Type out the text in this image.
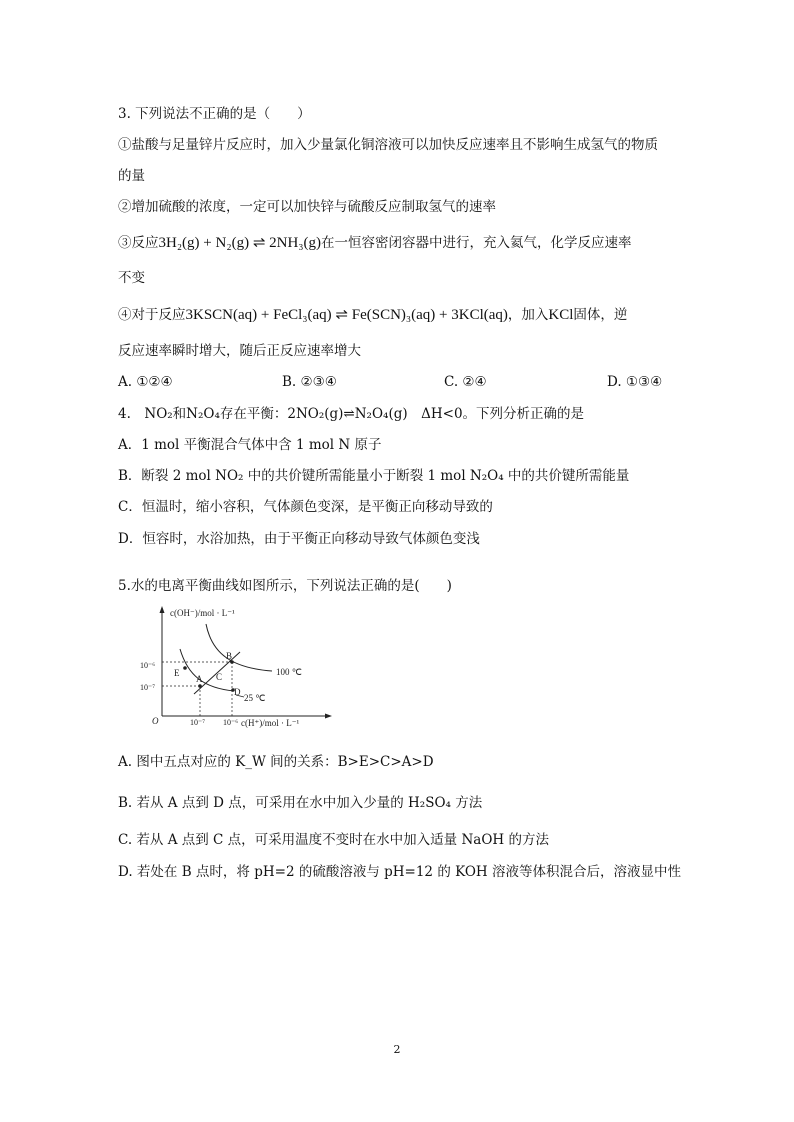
3. 下列说法不正确的是（　　）
①盐酸与足量锌片反应时，加入少量氯化铜溶液可以加快反应速率且不影响生成氢气的物质
的量
②增加硫酸的浓度，一定可以加快锌与硫酸反应制取氢气的速率
③反应3H₂(g) + N₂(g) ⇌ 2NH₃(g)在一恒容密闭容器中进行，充入氦气，化学反应速率
不变
④对于反应3KSCN(aq) + FeCl₃(aq) ⇌ Fe(SCN)₃(aq) + 3KCl(aq)，加入KCl固体，逆
反应速率瞬时增大，随后正反应速率增大
A. ①②④	B. ②③④	C. ②④	D. ①③④
4.　NO₂和N₂O₄存在平衡：2NO₂(g)⇌N₂O₄(g)　ΔH<0。下列分析正确的是
A．1 mol 平衡混合气体中含 1 mol N 原子
B．断裂 2 mol NO₂ 中的共价键所需能量小于断裂 1 mol N₂O₄ 中的共价键所需能量
C．恒温时，缩小容积，气体颜色变深，是平衡正向移动导致的
D．恒容时，水浴加热，由于平衡正向移动导致气体颜色变浅
5.水的电离平衡曲线如图所示，下列说法正确的是(　　)
c(OH⁻)/mol · L⁻¹
c(H⁺)/mol · L⁻¹
O
10⁻⁶
10⁻⁷
10⁻⁷ 10⁻⁶
A
B
C
D
E	100 ℃
25 ℃
A. 图中五点对应的 K_W 间的关系：B>E>C>A>D
B. 若从 A 点到 D 点，可采用在水中加入少量的 H₂SO₄ 方法
C. 若从 A 点到 C 点，可采用温度不变时在水中加入适量 NaOH 的方法
D. 若处在 B 点时，将 pH=2 的硫酸溶液与 pH=12 的 KOH 溶液等体积混合后，溶液显中性
2
